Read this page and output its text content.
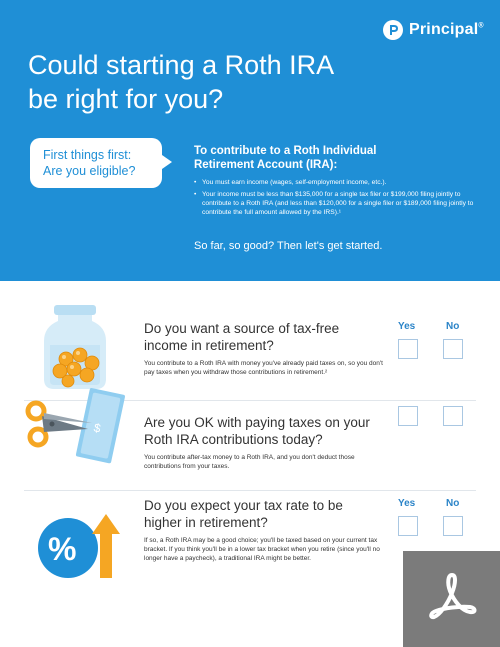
Principal®
Could starting a Roth IRA
be right for you?
First things first:
Are you eligible?
To contribute to a Roth Individual
Retirement Account (IRA):
• You must earn income (wages, self-employment income, etc.).
• Your income must be less than $135,000 for a single tax filer or $199,000 filing jointly to contribute to a Roth IRA (and less than $120,000 for a single filer or $189,000 filing jointly to contribute the full amount allowed by the IRS).¹
So far, so good? Then let's get started.
Do you want a source of tax-free income in retirement?
You contribute to a Roth IRA with money you've already paid taxes on, so you don't pay taxes when you withdraw those contributions in retirement.²
Yes	No
$	Are you OK with paying taxes on your Roth IRA contributions today?
You contribute after-tax money to a Roth IRA, and you don't deduct those contributions from your taxes.
%
Do you expect your tax rate to be higher in retirement?
If so, a Roth IRA may be a good choice; you'll be taxed based on your current tax bracket. If you think you'll be in a lower tax bracket when you retire (since you'll no longer have a paycheck), a traditional IRA might be better.
Yes	No
